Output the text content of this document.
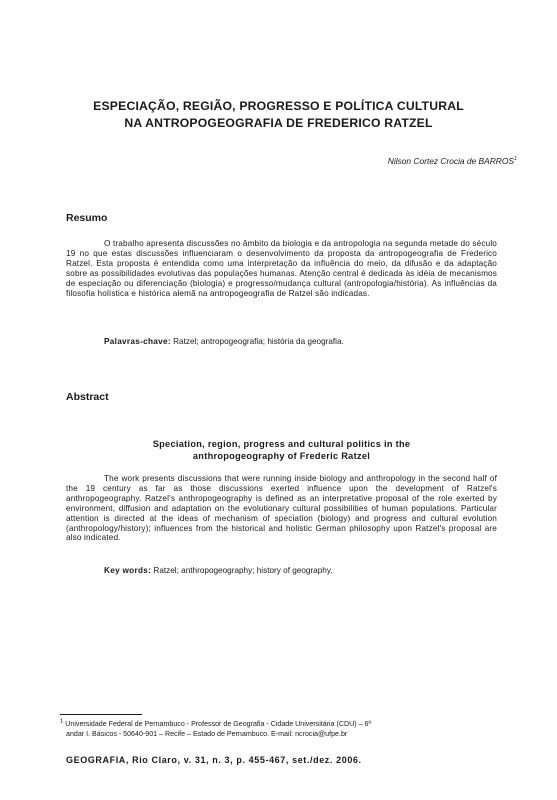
ESPECIAÇÃO, REGIÃO, PROGRESSO E POLÍTICA CULTURAL
NA ANTROPOGEOGRAFIA DE FREDERICO RATZEL
Nilson Cortez Crocia de BARROS$^1$
Resumo
O trabalho apresenta discussões no âmbito da biologia e da antropologia na segunda metade do século 19 no que estas discussões influenciaram o desenvolvimento da proposta da antropogeografia de Frederico Ratzel. Esta proposta é entendida como uma interpretação da influência do meio, da difusão e da adaptação sobre as possibilidades evolutivas das populações humanas. Atenção central é dedicada às idéia de mecanismos de especiação ou diferenciação (biologia) e progresso/mudança cultural (antropologia/história). As influências da filosofia holística e histórica alemã na antropogeografia de Ratzel são indicadas.
Palavras-chave: Ratzel; antropogeografia; história da geografia.
Abstract
Speciation, region, progress and cultural politics in the
anthropogeography of Frederic Ratzel
The work presents discussions that were running inside biology and anthropology in the second half of the 19 century as far as those discussions exerted influence upon the development of Ratzel's anthropogeography. Ratzel's anthropogeography is defined as an interpretative proposal of the role exerted by environment, diffusion and adaptation on the evolutionary cultural possibilities of human populations. Particular attention is directed at the ideas of mechanism of speciation (biology) and progress and cultural evolution (anthropology/history); influences from the historical and holistic German philosophy upon Ratzel's proposal are also indicated.
Key words: Ratzel; anthropogeography; history of geography.
$^1$ Universidade Federal de Pernambuco - Professor de Geografia - Cidade Universitária (CDU) – 6º
andar I. Básicos - 50640-901 – Recife – Estado de Pernambuco. E-mail: ncrocia@ufpe.br
GEOGRAFIA, Rio Claro, v. 31, n. 3, p. 455-467, set./dez. 2006.
